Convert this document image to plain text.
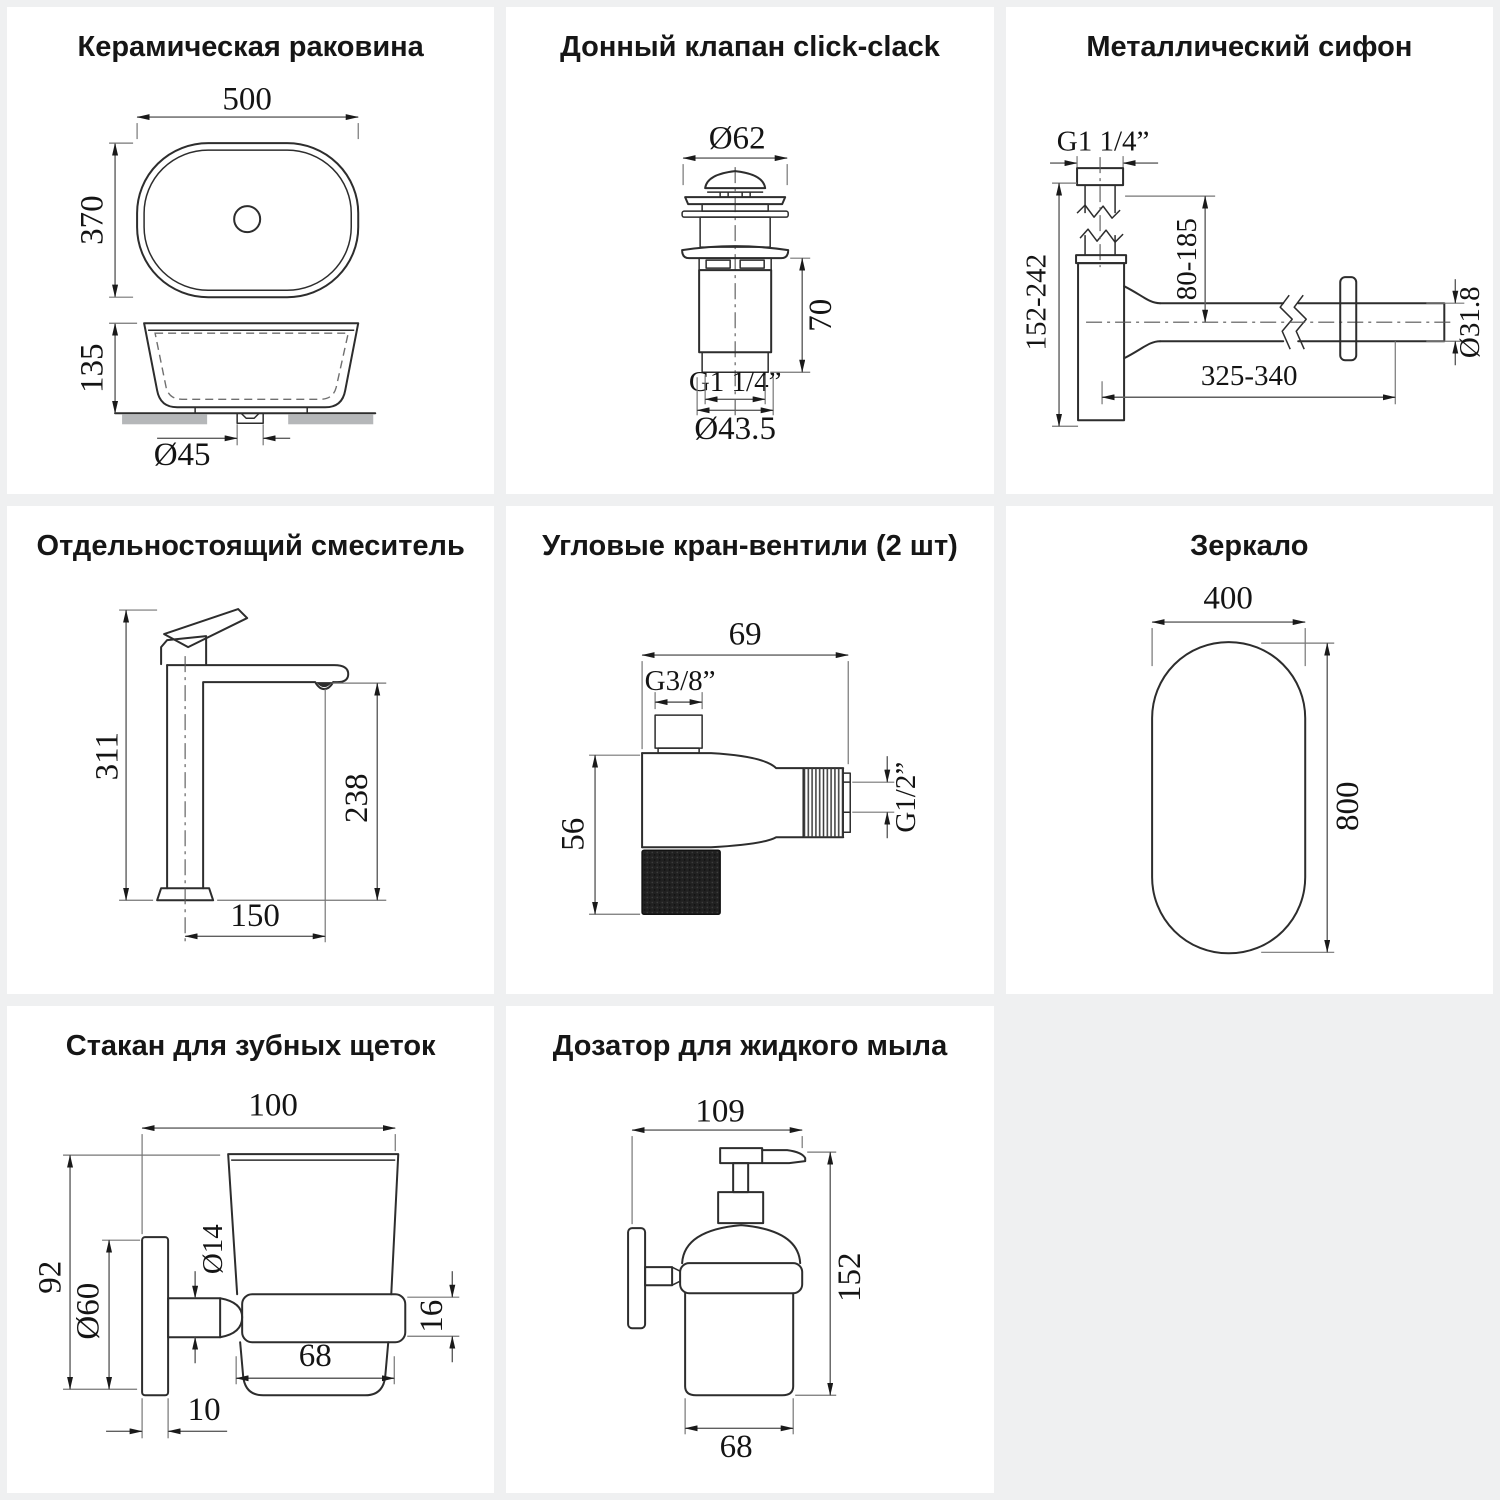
Керамическая раковина
500
370
135
Ø45
Донный клапан click-clack
Ø62
G1 1/4”
Ø43.5
70
Металлический сифон
G1 1/4”
152-242	80-185
Ø31.8
325-340
Отдельностоящий смеситель
311
238
150
Угловые кран-вентили (2 шт)
69
G3/8”
56
G1/2”
Зеркало
400
800
Стакан для зубных щеток
100
92
Ø60
Ø14
16
68
10
Дозатор для жидкого мыла
109
152
68
